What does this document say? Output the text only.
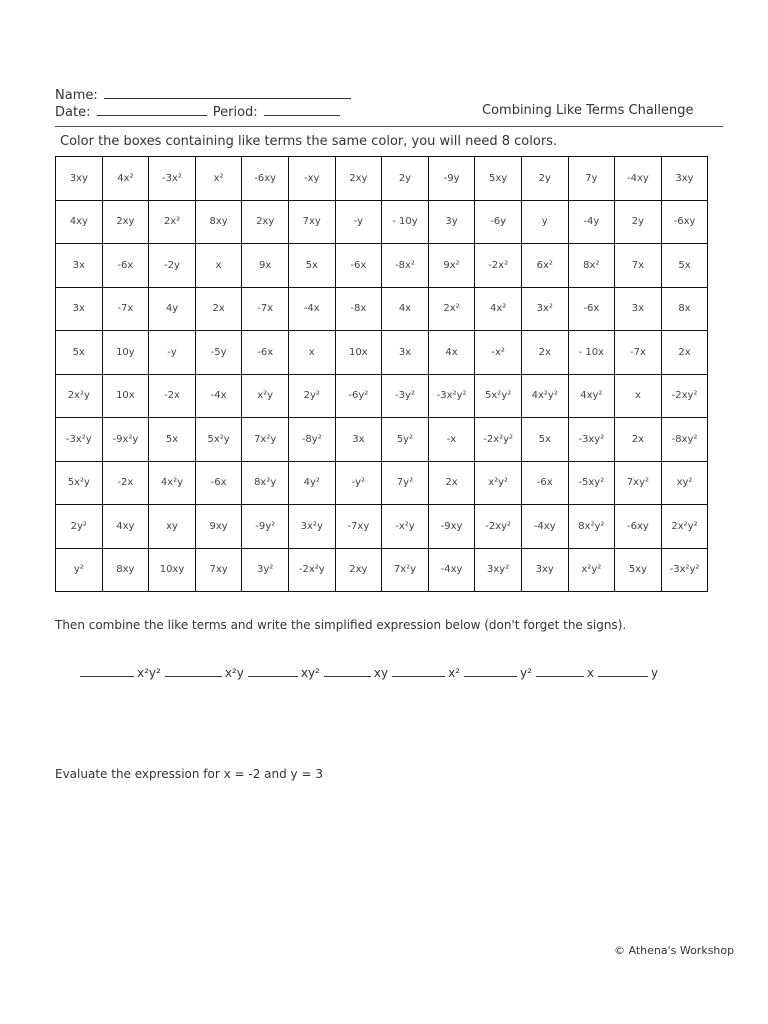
Name:
Date:	Period:	Combining Like Terms Challenge
Color the boxes containing like terms the same color, you will need 8 colors.
3xy	4x²	-3x²	x²	-6xy	-xy	2xy	2y	-9y	5xy	2y	7y	-4xy	3xy
4xy	2xy	2x²	8xy	2xy	7xy	-y	- 10y	3y	-6y	y	-4y	2y	-6xy
3x	-6x	-2y	x	9x	5x	-6x	-8x²	9x²	-2x²	6x²	8x²	7x	5x
3x	-7x	4y	2x	-7x	-4x	-8x	4x	2x²	4x²	3x²	-6x	3x	8x
5x	10y	-y	-5y	-6x	x	10x	3x	4x	-x²	2x	- 10x	-7x	2x
2x²y	10x	-2x	-4x	x²y	2y²	-6y²	-3y²	-3x²y²	5x²y²	4x²y²	4xy²	x	-2xy²
-3x²y	-9x²y	5x	5x²y	7x²y	-8y²	3x	5y²	-x	-2x²y²	5x	-3xy²	2x	-8xy²
5x²y	-2x	4x²y	-6x	8x²y	4y²	-y²	7y²	2x	x²y²	-6x	-5xy²	7xy²	xy²
2y²	4xy	xy	9xy	-9y²	3x²y	-7xy	-x²y	-9xy	-2xy²	-4xy	8x²y²	-6xy	2x²y²
y²	8xy	10xy	7xy	3y²	-2x²y	2xy	7x²y	-4xy	3xy²	3xy	x²y²	5xy	-3x²y²
Then combine the like terms and write the simplified expression below (don't forget the signs).
x²y²	x²y	xy²	xy	x²	y²	x	y
Evaluate the expression for x = -2 and y = 3
© Athena's Workshop
